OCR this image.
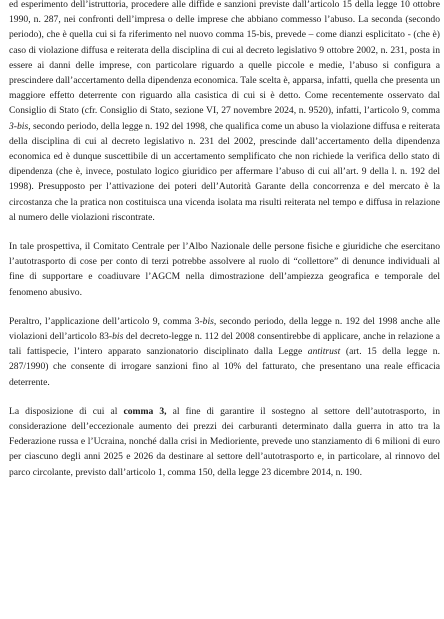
ed esperimento dell’istruttoria, procedere alle diffide e sanzioni previste dall’articolo 15 della legge 10 ottobre 1990, n. 287, nei confronti dell’impresa o delle imprese che abbiano commesso l’abuso. La seconda (secondo periodo), che è quella cui si fa riferimento nel nuovo comma 15-bis, prevede – come dianzi esplicitato - (che è) caso di violazione diffusa e reiterata della disciplina di cui al decreto legislativo 9 ottobre 2002, n. 231, posta in essere ai danni delle imprese, con particolare riguardo a quelle piccole e medie, l’abuso si configura a prescindere dall’accertamento della dipendenza economica. Tale scelta è, apparsa, infatti, quella che presenta un maggiore effetto deterrente con riguardo alla casistica di cui si è detto. Come recentemente osservato dal Consiglio di Stato (cfr. Consiglio di Stato, sezione VI, 27 novembre 2024, n. 9520), infatti, l’articolo 9, comma 3-bis, secondo periodo, della legge n. 192 del 1998, che qualifica come un abuso la violazione diffusa e reiterata della disciplina di cui al decreto legislativo n. 231 del 2002, prescinde dall’accertamento della dipendenza economica ed è dunque suscettibile di un accertamento semplificato che non richiede la verifica dello stato di dipendenza (che è, invece, postulato logico giuridico per affermare l’abuso di cui all’art. 9 della l. n. 192 del 1998). Presupposto per l’attivazione dei poteri dell’Autorità Garante della concorrenza e del mercato è la circostanza che la pratica non costituisca una vicenda isolata ma risulti reiterata nel tempo e diffusa in relazione al numero delle violazioni riscontrate.

In tale prospettiva, il Comitato Centrale per l’Albo Nazionale delle persone fisiche e giuridiche che esercitano l’autotrasporto di cose per conto di terzi potrebbe assolvere al ruolo di “collettore” di denunce individuali al fine di supportare e coadiuvare l’AGCM nella dimostrazione dell’ampiezza geografica e temporale del fenomeno abusivo.

Peraltro, l’applicazione dell’articolo 9, comma 3-bis, secondo periodo, della legge n. 192 del 1998 anche alle violazioni dell’articolo 83-bis del decreto-legge n. 112 del 2008 consentirebbe di applicare, anche in relazione a tali fattispecie, l’intero apparato sanzionatorio disciplinato dalla Legge antitrust (art. 15 della legge n. 287/1990) che consente di irrogare sanzioni fino al 10% del fatturato, che presentano una reale efficacia deterrente.

La disposizione di cui al comma 3, al fine di garantire il sostegno al settore dell’autotrasporto, in considerazione dell’eccezionale aumento dei prezzi dei carburanti determinato dalla guerra in atto tra la Federazione russa e l’Ucraina, nonché dalla crisi in Medioriente, prevede uno stanziamento di 6 milioni di euro per ciascuno degli anni 2025 e 2026 da destinare al settore dell’autotrasporto e, in particolare, al rinnovo del parco circolante, previsto dall’articolo 1, comma 150, della legge 23 dicembre 2014, n. 190.
